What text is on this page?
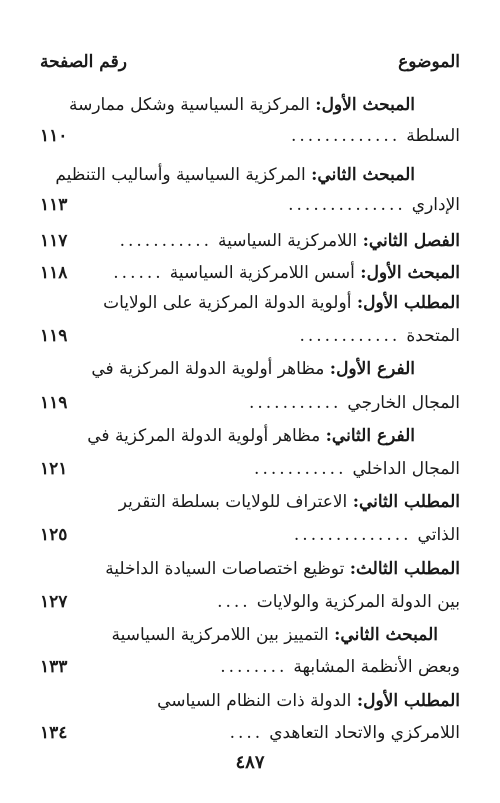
الموضوع
رقم الصفحة
المبحث الأول: المركزية السياسية وشكل ممارسة
السلطة
.............
١١٠
المبحث الثاني: المركزية السياسية وأساليب التنظيم
الإداري
..............
١١٣
الفصل الثاني: اللامركزية السياسية
...........
١١٧
المبحث الأول: أسس اللامركزية السياسية
......
١١٨
المطلب الأول: أولوية الدولة المركزية على الولايات
المتحدة
............
١١٩
الفرع الأول: مظاهر أولوية الدولة المركزية في
المجال الخارجي
...........
١١٩
الفرع الثاني: مظاهر أولوية الدولة المركزية في
المجال الداخلي
...........
١٢١
المطلب الثاني: الاعتراف للولايات بسلطة التقرير
الذاتي
..............
١٢٥
المطلب الثالث: توظيع اختصاصات السيادة الداخلية
بين الدولة المركزية والولايات
....
١٢٧
المبحث الثاني: التمييز بين اللامركزية السياسية
وبعض الأنظمة المشابهة
........
١٣٣
المطلب الأول: الدولة ذات النظام السياسي
اللامركزي والاتحاد التعاهدي
....
١٣٤
٤٨٧
